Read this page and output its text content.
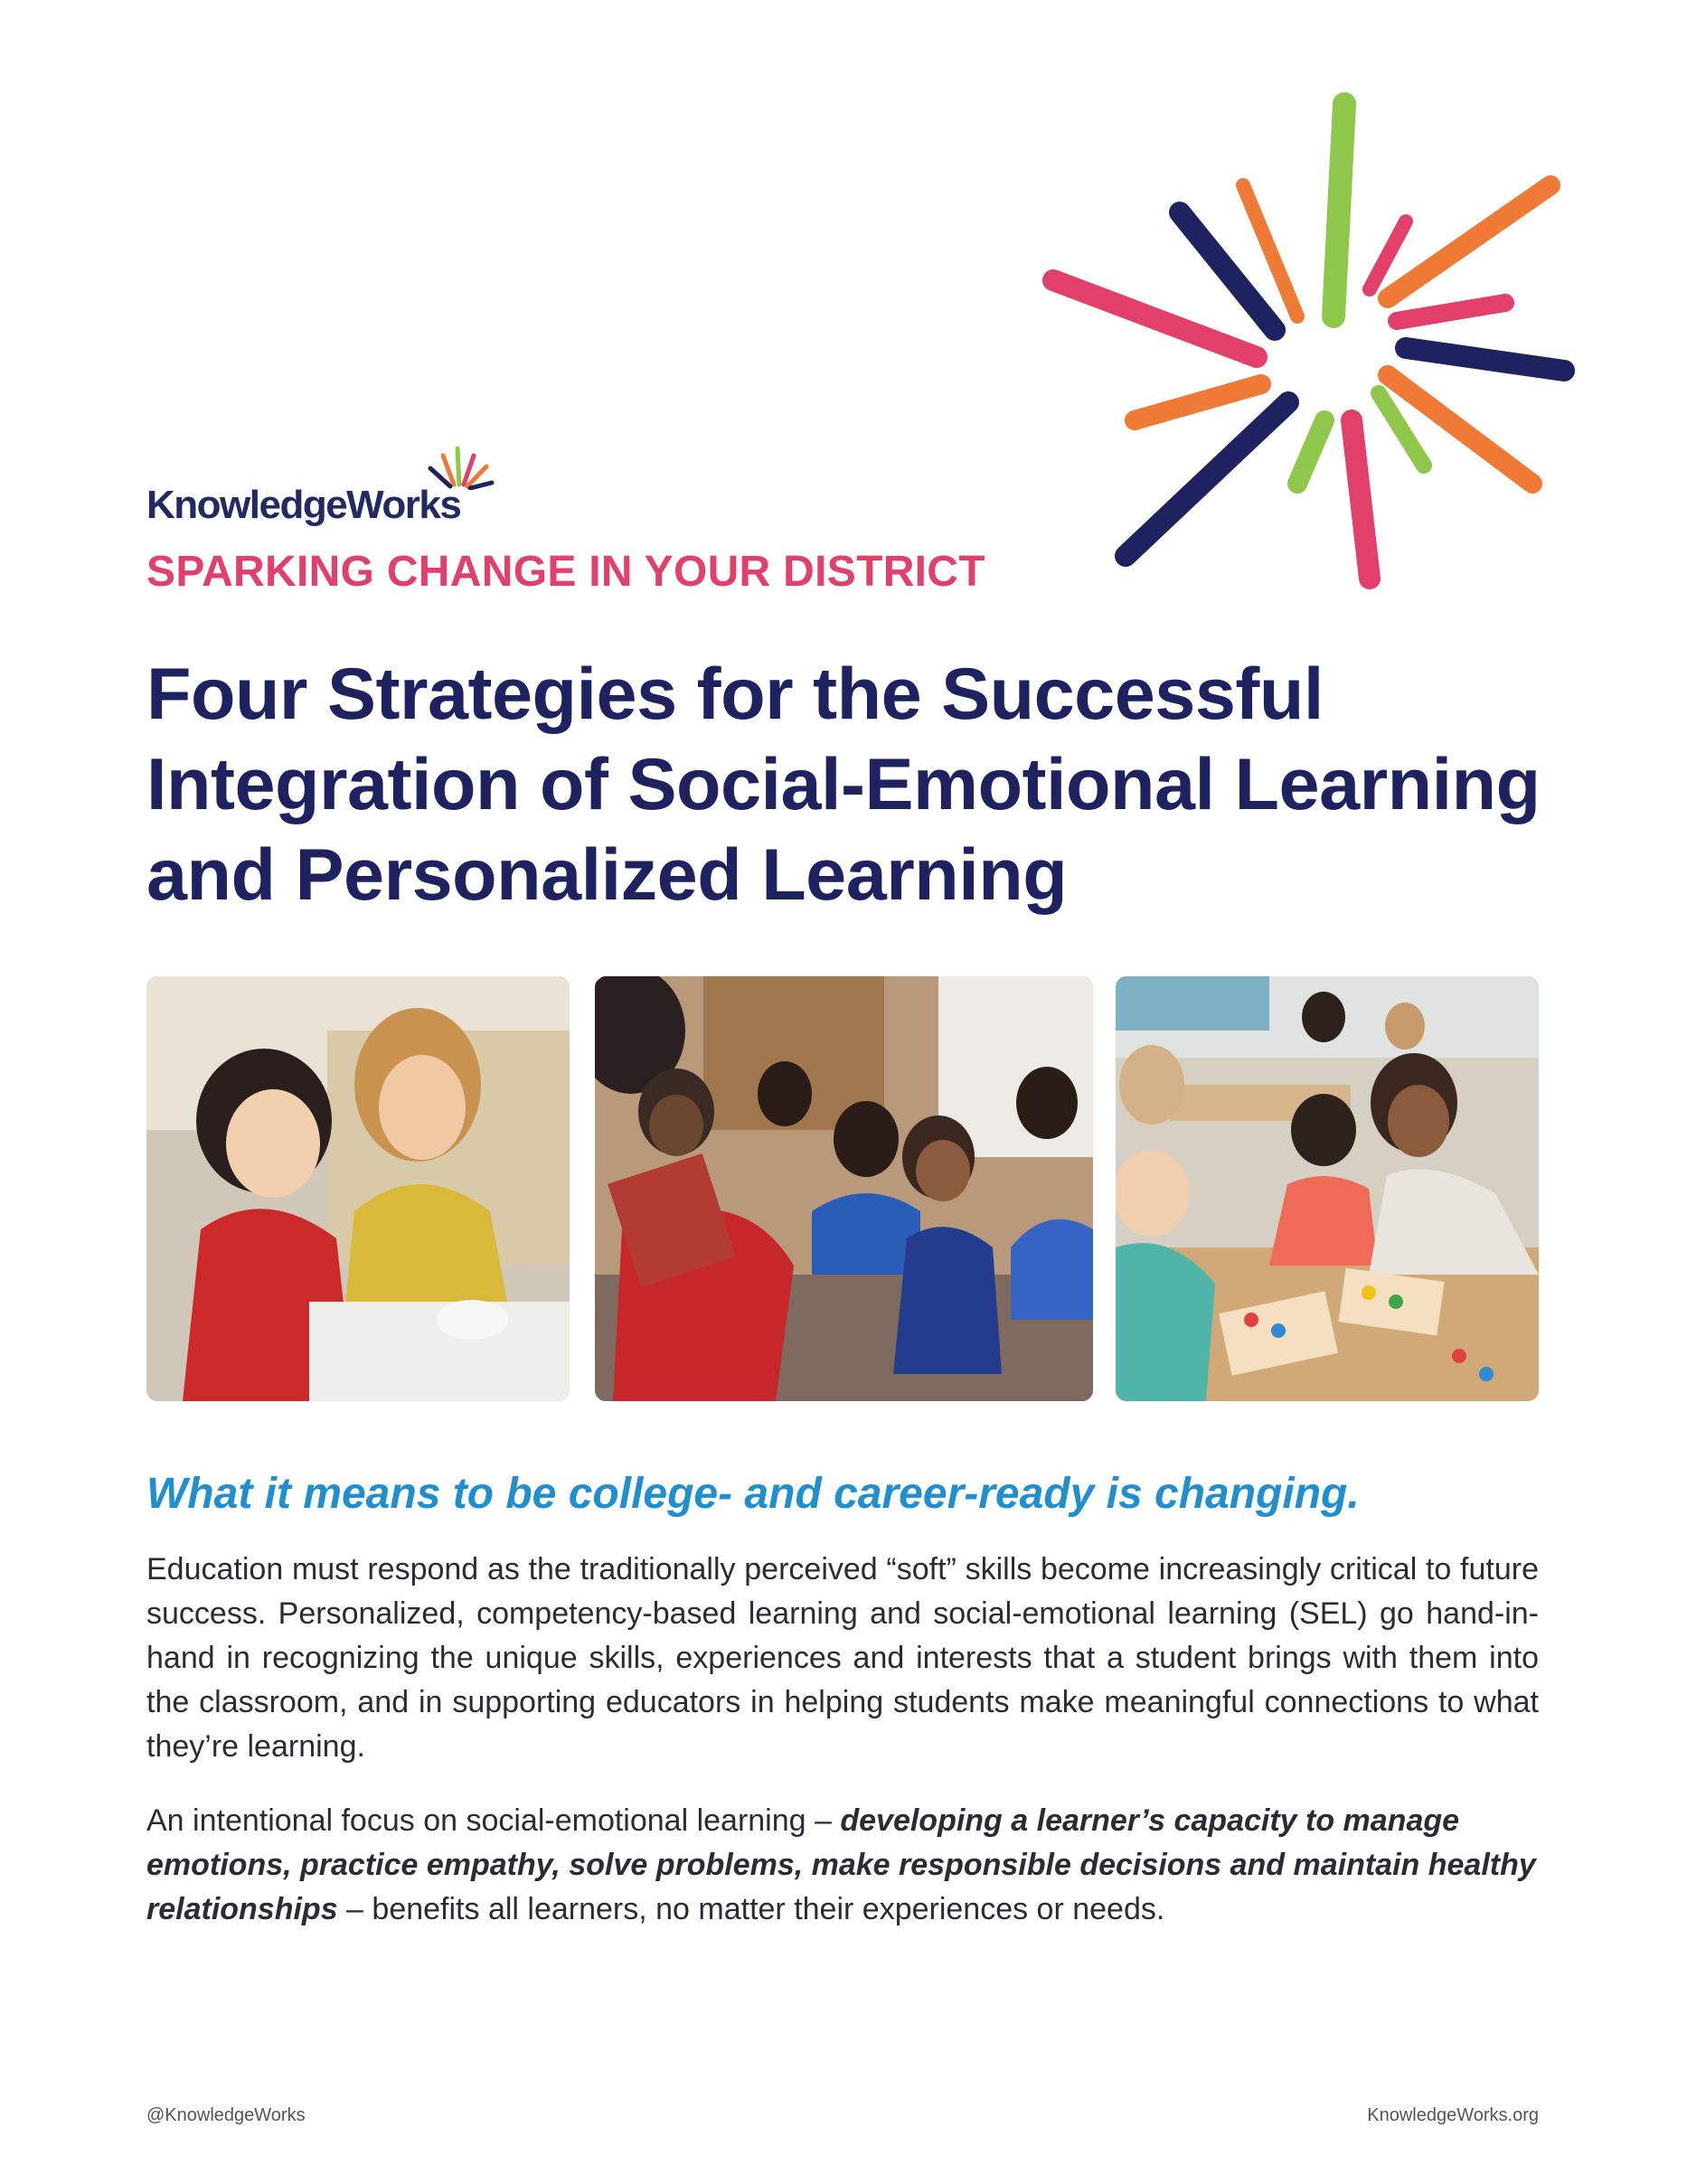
KnowledgeWorks
SPARKING CHANGE IN YOUR DISTRICT
Four Strategies for the Successful Integration of Social-Emotional Learning and Personalized Learning
What it means to be college- and career-ready is changing.

Education must respond as the traditionally perceived “soft” skills become increasingly critical to future success. Personalized, competency-based learning and social-emotional learning (SEL) go hand-in-hand in recognizing the unique skills, experiences and interests that a student brings with them into the classroom, and in supporting educators in helping students make meaningful connections to what they’re learning.

An intentional focus on social-emotional learning – developing a learner’s capacity to manage emotions, practice empathy, solve problems, make responsible decisions and maintain healthy relationships – benefits all learners, no matter their experiences or needs.

@KnowledgeWorks	KnowledgeWorks.org
